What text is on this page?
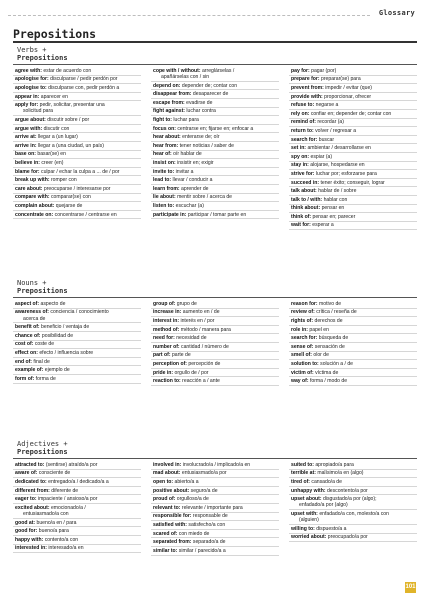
Glossary
Prepositions
Verbs +
Prepositions
agree with: estar de acuerdo con
apologise for: disculparse / pedir perdón por
apologise to: disculparse con, pedir perdón a
appear in: aparecer en
apply for: pedir, solicitar, presentar una
solicitud para
argue about: discutir sobre / por
argue with: discutir con
arrive at: llegar a (un lugar)
arrive in: llegar a (una ciudad, un país)
base on: basar(se) en
believe in: creer (en)
blame for: culpar / echar la culpa a ... de / por
break up with: romper con
care about: preocuparse / interesarse por
compare with: comparar(se) con
complain about: quejarse de
concentrate on: concentrarse / centrarse en
cope with / without: arreglárselas /
apañárselas con / sin
depend on: depender de; contar con
disappear from: desaparecer de
escape from: evadirse de
fight against: luchar contra
fight to: luchar para
focus on: centrarse en; fijarse en; enfocar a
hear about: enterarse de; oír
hear from: tener noticias / saber de
hear of: oír hablar de
insist on: insistir en; exigir
invite to: invitar a
lead to: llevar / conducir a
learn from: aprender de
lie about: mentir sobre / acerca de
listen to: escuchar (a)
participate in: participar / tomar parte en
pay for: pagar (por)
prepare for: preparar(se) para
prevent from: impedir / evitar (que)
provide with: proporcionar, ofrecer
refuse to: negarse a
rely on: confiar en; depender de; contar con
remind of: recordar (a)
return to: volver / regresar a
search for: buscar
set in: ambientar / desarrollarse en
spy on: espiar (a)
stay in: alojarse, hospedarse en
strive for: luchar por; esforzarse para
succeed in: tener éxito; conseguir, lograr
talk about: hablar de / sobre
talk to / with: hablar con
think about: pensar en
think of: pensar en; parecer
wait for: esperar a
Nouns +
Prepositions
aspect of: aspecto de
awareness of: conciencia / conocimiento
acerca de
benefit of: beneficio / ventaja de
chance of: posibilidad de
cost of: coste de
effect on: efecto / influencia sobre
end of: final de
example of: ejemplo de
form of: forma de
group of: grupo de
increase in: aumento en / de
interest in: interés en / por
method of: método / manera para
need for: necesidad de
number of: cantidad / número de
part of: parte de
perception of: percepción de
pride in: orgullo de / por
reaction to: reacción a / ante
reason for: motivo de
review of: crítica / reseña de
rights of: derechos de
role in: papel en
search for: búsqueda de
sense of: sensación de
smell of: olor de
solution to: solución a / de
victim of: víctima de
way of: forma / modo de
Adjectives +
Prepositions
attracted to: (sentirse) atraído/a por
aware of: consciente de
dedicated to: entregado/a / dedicado/a a
different from: diferente de
eager to: impaciente / ansioso/a por
excited about: emocionado/a /
entusiasmado/a con
good at: bueno/a en / para
good for: bueno/a para
happy with: contento/a con
interested in: interesado/a en
involved in: involucrado/a / implicado/a en
mad about: entusiasmado/a por
open to: abierto/a a
positive about: seguro/a de
proud of: orgulloso/a de
relevant to: relevante / importante para
responsible for: responsable de
satisfied with: satisfecho/a con
scared of: con miedo de
separated from: separado/a de
similar to: similar / parecido/a a
suited to: apropiado/a para
terrible at: malísimo/a en (algo)
tired of: cansado/a de
unhappy with: descontento/a por
upset about: disgustado/a por (algo);
enfadado/a por (algo)
upset with: enfadado/a con, molesto/a con
(alguien)
willing to: dispuesto/a a
worried about: preocupado/a por
101
